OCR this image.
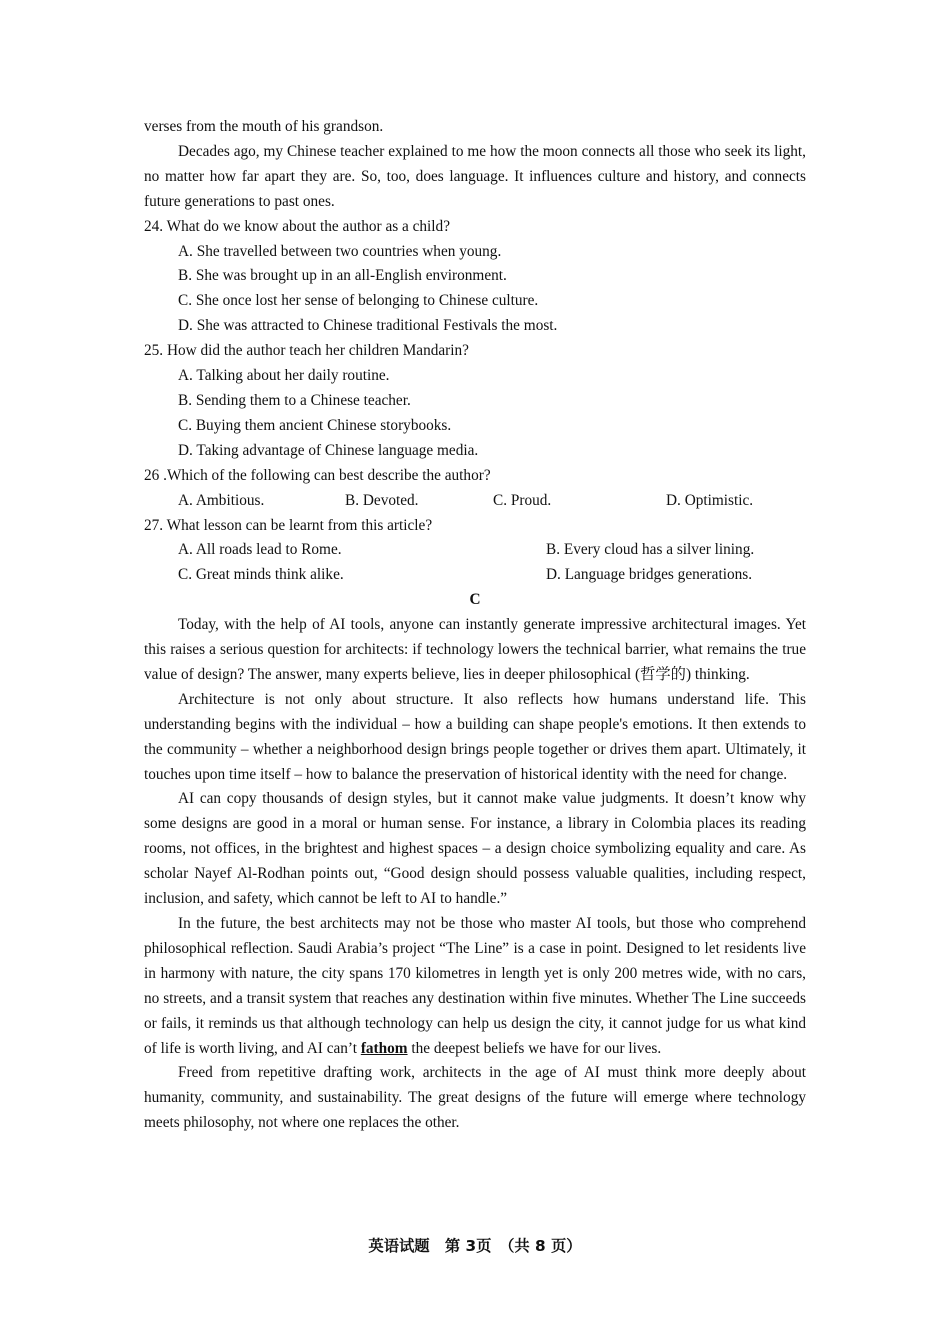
verses from the mouth of his grandson.

Decades ago, my Chinese teacher explained to me how the moon connects all those who seek its light, no matter how far apart they are. So, too, does language. It influences culture and history, and connects future generations to past ones.

24. What do we know about the author as a child?

A. She travelled between two countries when young.

B. She was brought up in an all-English environment.

C. She once lost her sense of belonging to Chinese culture.

D. She was attracted to Chinese traditional Festivals the most.

25. How did the author teach her children Mandarin?

A. Talking about her daily routine.

B. Sending them to a Chinese teacher.

C. Buying them ancient Chinese storybooks.

D. Taking advantage of Chinese language media.

26 .Which of the following can best describe the author?

A. Ambitious.	B. Devoted.	C. Proud.	D. Optimistic.

27. What lesson can be learnt from this article?

A. All roads lead to Rome.	B. Every cloud has a silver lining.
C. Great minds think alike.	D. Language bridges generations.

C

Today, with the help of AI tools, anyone can instantly generate impressive architectural images. Yet this raises a serious question for architects: if technology lowers the technical barrier, what remains the true value of design? The answer, many experts believe, lies in deeper philosophical (哲学的) thinking.

Architecture is not only about structure. It also reflects how humans understand life. This understanding begins with the individual – how a building can shape people's emotions. It then extends to the community – whether a neighborhood design brings people together or drives them apart. Ultimately, it touches upon time itself – how to balance the preservation of historical identity with the need for change.

AI can copy thousands of design styles, but it cannot make value judgments. It doesn’t know why some designs are good in a moral or human sense. For instance, a library in Colombia places its reading rooms, not offices, in the brightest and highest spaces – a design choice symbolizing equality and care. As scholar Nayef Al-Rodhan points out, “Good design should possess valuable qualities, including respect, inclusion, and safety, which cannot be left to AI to handle.”

In the future, the best architects may not be those who master AI tools, but those who comprehend philosophical reflection. Saudi Arabia’s project “The Line” is a case in point. Designed to let residents live in harmony with nature, the city spans 170 kilometres in length yet is only 200 metres wide, with no cars, no streets, and a transit system that reaches any destination within five minutes. Whether The Line succeeds or fails, it reminds us that although technology can help us design the city, it cannot judge for us what kind of life is worth living, and AI can’t fathom the deepest beliefs we have for our lives.

Freed from repetitive drafting work, architects in the age of AI must think more deeply about humanity, community, and sustainability. The great designs of the future will emerge where technology meets philosophy, not where one replaces the other.

英语试题　第 3页　（共 8 页）
